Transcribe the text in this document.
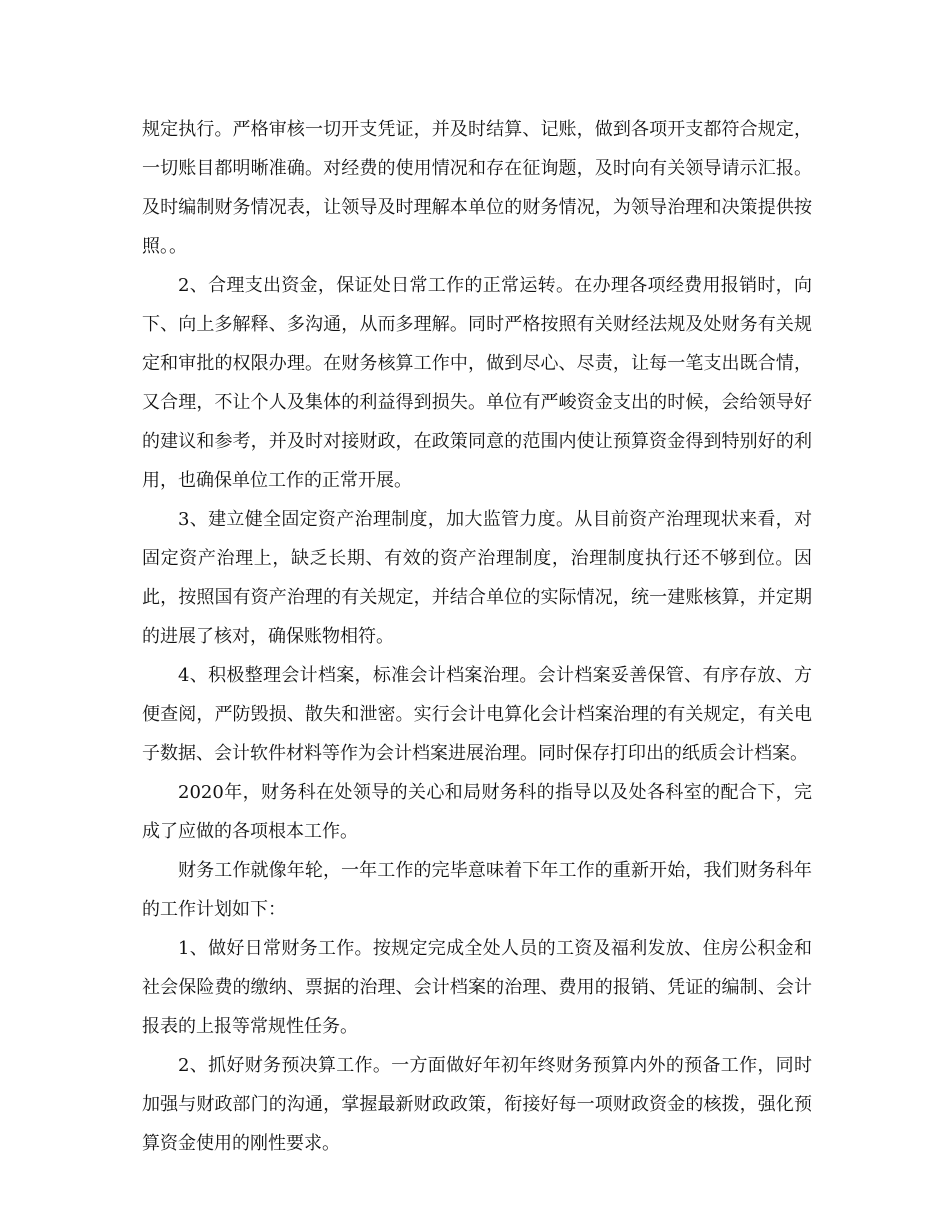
规定执行。严格审核一切开支凭证，并及时结算、记账，做到各项开支都符合规定，一切账目都明晰准确。对经费的使用情况和存在征询题，及时向有关领导请示汇报。及时编制财务情况表，让领导及时理解本单位的财务情况，为领导治理和决策提供按照。。

2、合理支出资金，保证处日常工作的正常运转。在办理各项经费用报销时，向下、向上多解释、多沟通，从而多理解。同时严格按照有关财经法规及处财务有关规定和审批的权限办理。在财务核算工作中，做到尽心、尽责，让每一笔支出既合情，又合理，不让个人及集体的利益得到损失。单位有严峻资金支出的时候，会给领导好的建议和参考，并及时对接财政，在政策同意的范围内使让预算资金得到特别好的利用，也确保单位工作的正常开展。

3、建立健全固定资产治理制度，加大监管力度。从目前资产治理现状来看，对固定资产治理上，缺乏长期、有效的资产治理制度，治理制度执行还不够到位。因此，按照国有资产治理的有关规定，并结合单位的实际情况，统一建账核算，并定期的进展了核对，确保账物相符。

4、积极整理会计档案，标准会计档案治理。会计档案妥善保管、有序存放、方便查阅，严防毁损、散失和泄密。实行会计电算化会计档案治理的有关规定，有关电子数据、会计软件材料等作为会计档案进展治理。同时保存打印出的纸质会计档案。

2020年，财务科在处领导的关心和局财务科的指导以及处各科室的配合下，完成了应做的各项根本工作。

财务工作就像年轮，一年工作的完毕意味着下年工作的重新开始，我们财务科年的工作计划如下：

1、做好日常财务工作。按规定完成全处人员的工资及福利发放、住房公积金和社会保险费的缴纳、票据的治理、会计档案的治理、费用的报销、凭证的编制、会计报表的上报等常规性任务。

2、抓好财务预决算工作。一方面做好年初年终财务预算内外的预备工作，同时加强与财政部门的沟通，掌握最新财政政策，衔接好每一项财政资金的核拨，强化预算资金使用的刚性要求。
